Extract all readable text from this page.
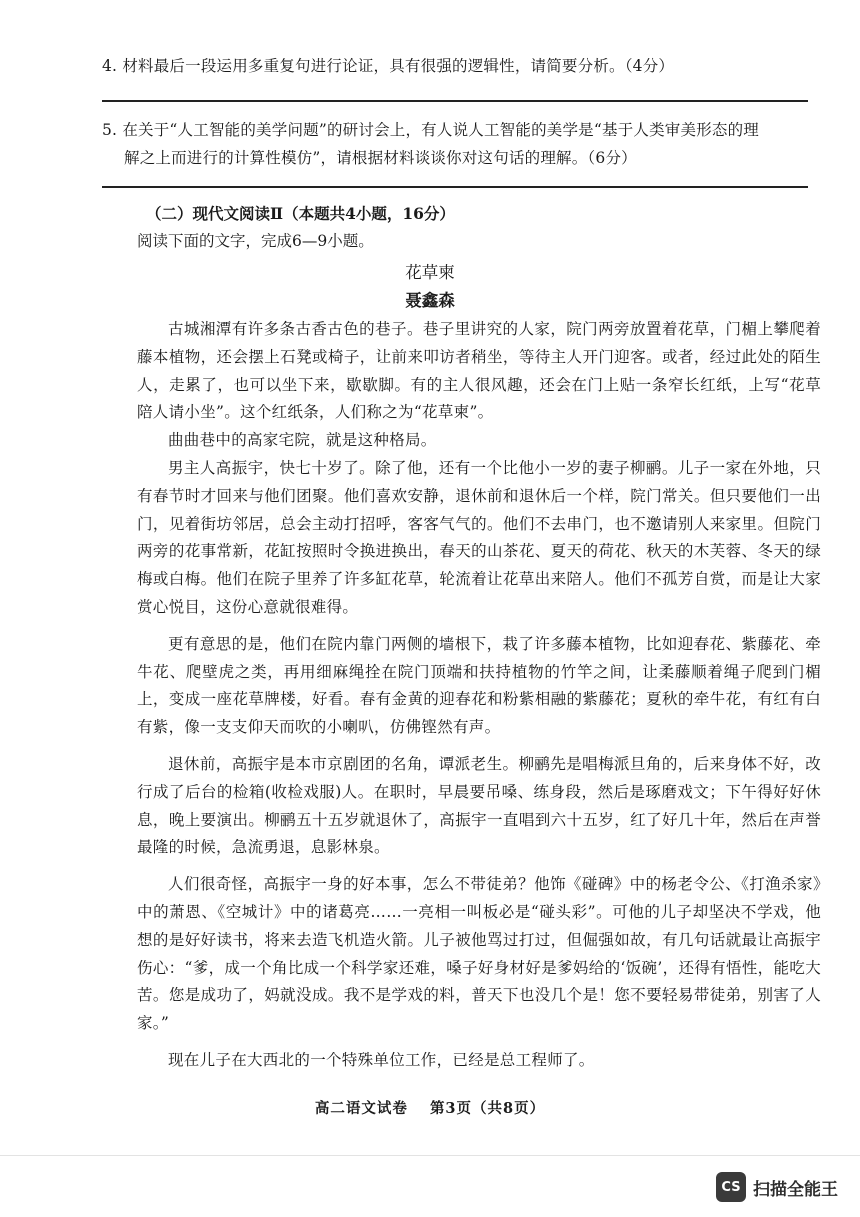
4. 材料最后一段运用多重复句进行论证，具有很强的逻辑性，请简要分析。（4分）
5. 在关于“人工智能的美学问题”的研讨会上，有人说人工智能的美学是“基于人类审美形态的理
解之上而进行的计算性模仿”，请根据材料谈谈你对这句话的理解。（6分）
（二）现代文阅读Ⅱ（本题共4小题，16分）
阅读下面的文字，完成6—9小题。
花草柬
聂鑫森

古城湘潭有许多条古香古色的巷子。巷子里讲究的人家，院门两旁放置着花草，门楣上攀爬着藤本植物，还会摆上石凳或椅子，让前来叩访者稍坐，等待主人开门迎客。或者，经过此处的陌生人，走累了，也可以坐下来，歇歇脚。有的主人很风趣，还会在门上贴一条窄长红纸，上写“花草陪人请小坐”。这个红纸条，人们称之为“花草柬”。

曲曲巷中的高家宅院，就是这种格局。

男主人高振宇，快七十岁了。除了他，还有一个比他小一岁的妻子柳鹂。儿子一家在外地，只有春节时才回来与他们团聚。他们喜欢安静，退休前和退休后一个样，院门常关。但只要他们一出门，见着街坊邻居，总会主动打招呼，客客气气的。他们不去串门，也不邀请别人来家里。但院门两旁的花事常新，花缸按照时令换进换出，春天的山茶花、夏天的荷花、秋天的木芙蓉、冬天的绿梅或白梅。他们在院子里养了许多缸花草，轮流着让花草出来陪人。他们不孤芳自赏，而是让大家赏心悦目，这份心意就很难得。

更有意思的是，他们在院内靠门两侧的墙根下，栽了许多藤本植物，比如迎春花、紫藤花、牵牛花、爬壁虎之类，再用细麻绳拴在院门顶端和扶持植物的竹竿之间，让柔藤顺着绳子爬到门楣上，变成一座花草牌楼，好看。春有金黄的迎春花和粉紫相融的紫藤花；夏秋的牵牛花，有红有白有紫，像一支支仰天而吹的小喇叭，仿佛铿然有声。

退休前，高振宇是本市京剧团的名角，谭派老生。柳鹂先是唱梅派旦角的，后来身体不好，改行成了后台的检箱(收检戏服)人。在职时，早晨要吊嗓、练身段，然后是琢磨戏文；下午得好好休息，晚上要演出。柳鹂五十五岁就退休了，高振宇一直唱到六十五岁，红了好几十年，然后在声誉最隆的时候，急流勇退，息影林泉。

人们很奇怪，高振宇一身的好本事，怎么不带徒弟？他饰《碰碑》中的杨老令公、《打渔杀家》中的萧恩、《空城计》中的诸葛亮……一亮相一叫板必是“碰头彩”。可他的儿子却坚决不学戏，他想的是好好读书，将来去造飞机造火箭。儿子被他骂过打过，但倔强如故，有几句话就最让高振宇伤心：“爹，成一个角比成一个科学家还难，嗓子好身材好是爹妈给的‘饭碗’，还得有悟性，能吃大苦。您是成功了，妈就没成。我不是学戏的料，普天下也没几个是！您不要轻易带徒弟，别害了人家。”

现在儿子在大西北的一个特殊单位工作，已经是总工程师了。

高二语文试卷 第3页（共8页）
CS 扫描全能王
